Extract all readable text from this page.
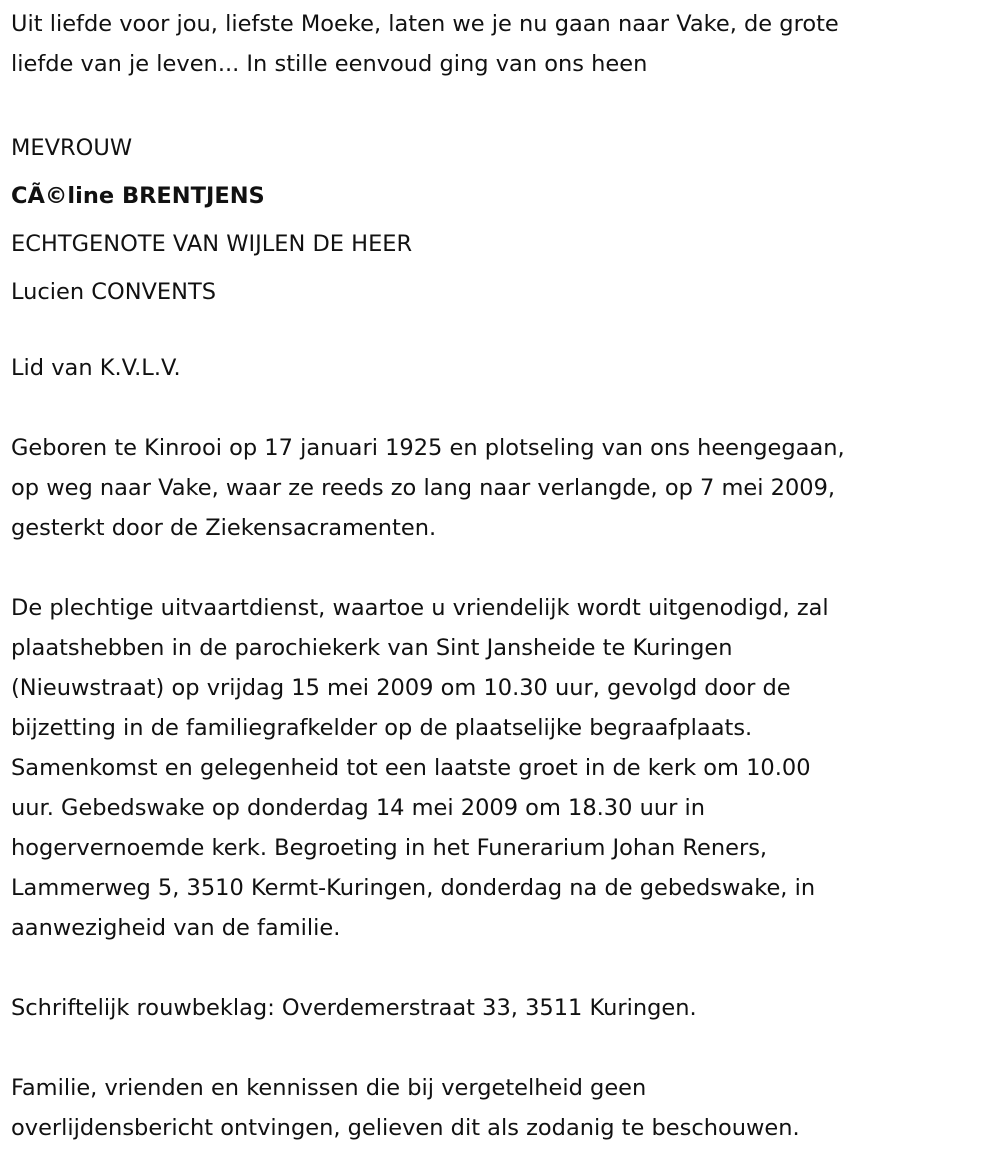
Uit liefde voor jou, liefste Moeke, laten we je nu gaan naar Vake, de grote
liefde van je leven... In stille eenvoud ging van ons heen
MEVROUW
CÃ©line BRENTJENS
ECHTGENOTE VAN WIJLEN DE HEER
Lucien CONVENTS
Lid van K.V.L.V.
Geboren te Kinrooi op 17 januari 1925 en plotseling van ons heengegaan,
op weg naar Vake, waar ze reeds zo lang naar verlangde, op 7 mei 2009,
gesterkt door de Ziekensacramenten.
De plechtige uitvaartdienst, waartoe u vriendelijk wordt uitgenodigd, zal
plaatshebben in de parochiekerk van Sint Jansheide te Kuringen
(Nieuwstraat) op vrijdag 15 mei 2009 om 10.30 uur, gevolgd door de
bijzetting in de familiegrafkelder op de plaatselijke begraafplaats.
Samenkomst en gelegenheid tot een laatste groet in de kerk om 10.00
uur. Gebedswake op donderdag 14 mei 2009 om 18.30 uur in
hogervernoemde kerk. Begroeting in het Funerarium Johan Reners,
Lammerweg 5, 3510 Kermt-Kuringen, donderdag na de gebedswake, in
aanwezigheid van de familie.
Schriftelijk rouwbeklag: Overdemerstraat 33, 3511 Kuringen.
Familie, vrienden en kennissen die bij vergetelheid geen
overlijdensbericht ontvingen, gelieven dit als zodanig te beschouwen.
